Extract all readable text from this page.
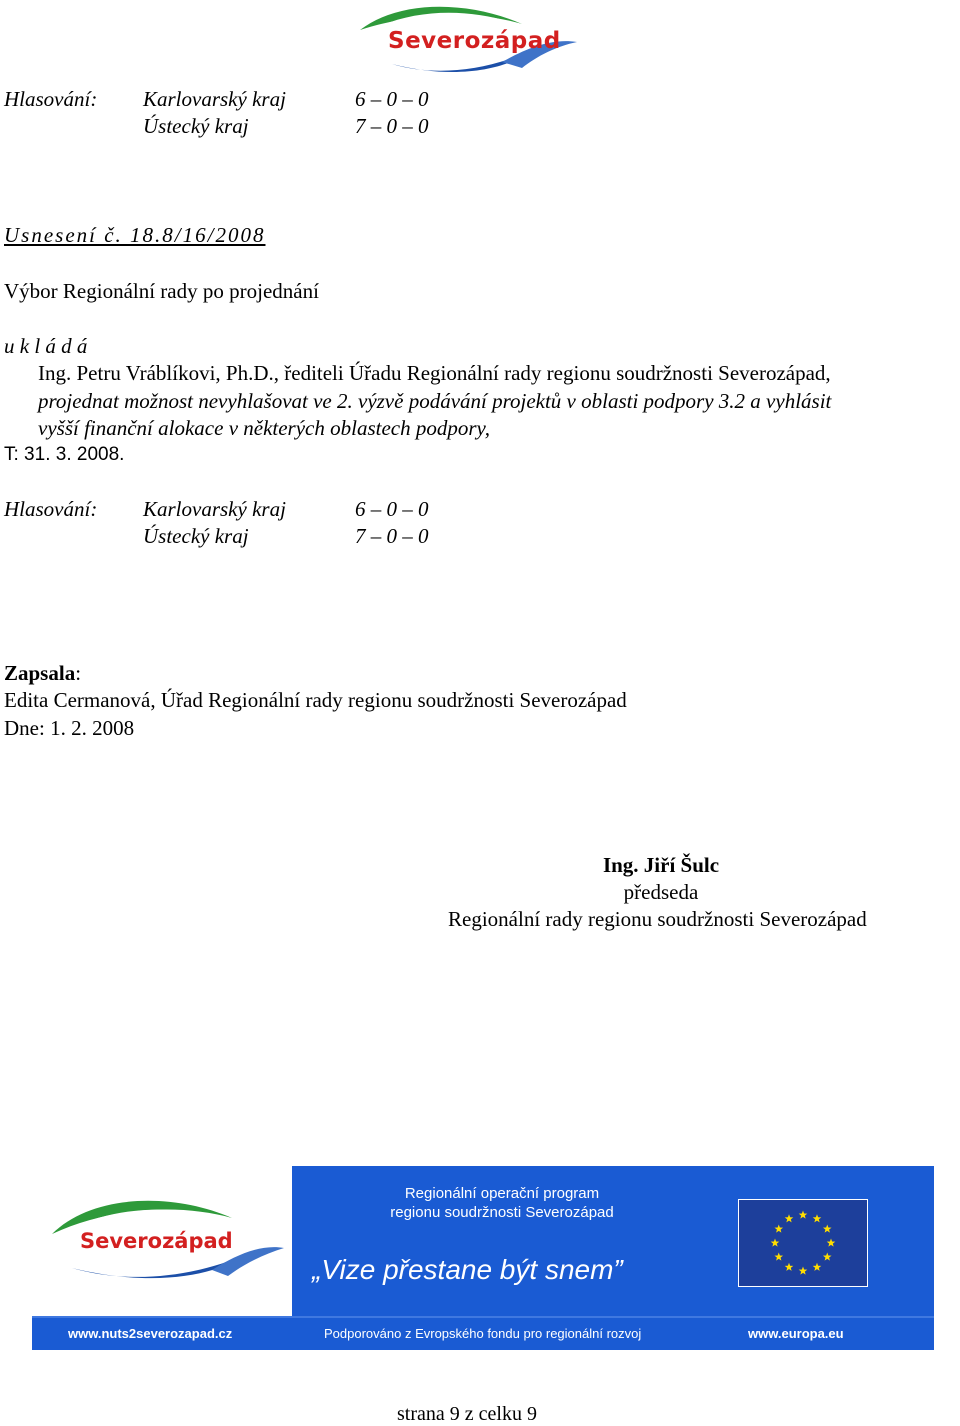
Severozápad
Hlasování: Karlovarský kraj	6 – 0 – 0
Ústecký kraj	7 – 0 – 0
Usnesení č. 18.8/16/2008
Výbor Regionální rady po projednání
u k l á d á
Ing. Petru Vráblíkovi, Ph.D., řediteli Úřadu Regionální rady regionu soudržnosti Severozápad,
projednat možnost nevyhlašovat ve 2. výzvě podávání projektů v oblasti podpory 3.2 a vyhlásit
vyšší finanční alokace v některých oblastech podpory,
T: 31. 3. 2008.
Hlasování: Karlovarský kraj	6 – 0 – 0
Ústecký kraj	7 – 0 – 0
Zapsala:
Edita Cermanová, Úřad Regionální rady regionu soudržnosti Severozápad
Dne: 1. 2. 2008
Ing. Jiří Šulc
předseda
Regionální rady regionu soudržnosti Severozápad
Severozápad
Regionální operační program
regionu soudržnosti Severozápad
„Vize přestane být snem”
www.nuts2severozapad.cz	Podporováno z Evropského fondu pro regionální rozvoj	www.europa.eu
strana 9 z celku 9
